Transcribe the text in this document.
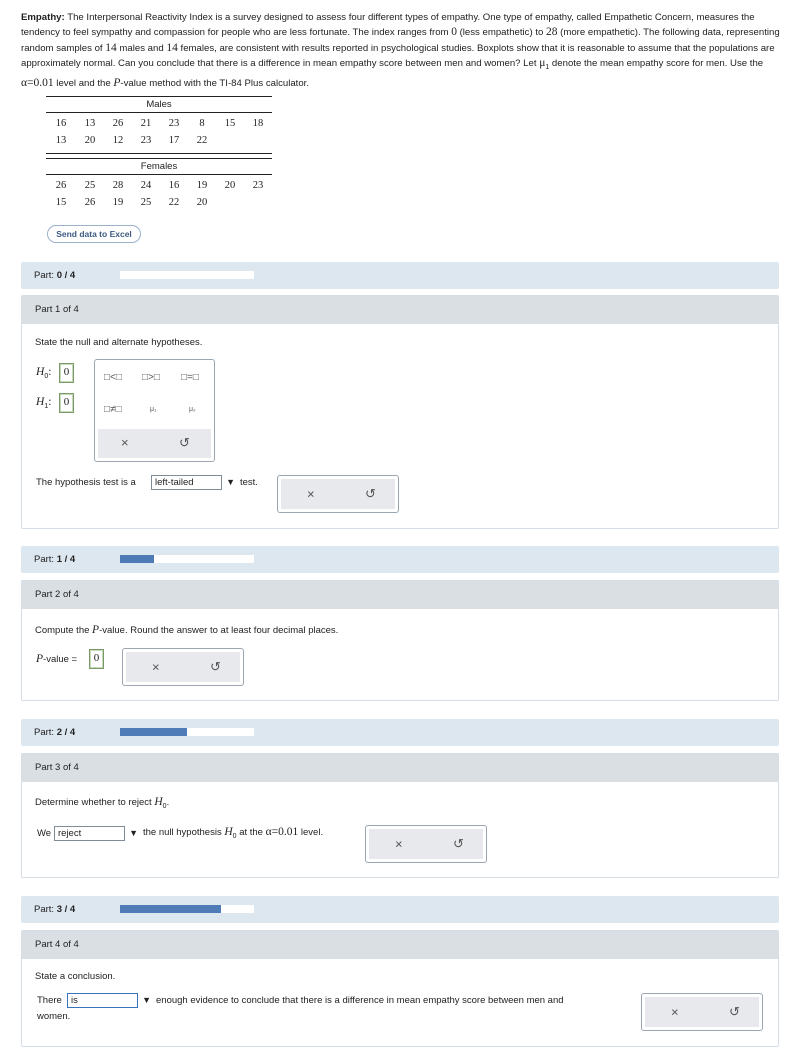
Empathy: The Interpersonal Reactivity Index is a survey designed to assess four different types of empathy. One type of empathy, called Empathetic Concern, measures the tendency to feel sympathy and compassion for people who are less fortunate. The index ranges from 0 (less empathetic) to 28 (more empathetic). The following data, representing random samples of 14 males and 14 females, are consistent with results reported in psychological studies. Boxplots show that it is reasonable to assume that the populations are approximately normal. Can you conclude that there is a difference in mean empathy score between men and women? Let $\mu_1$ denote the mean empathy score for men. Use the α=0.01 level and the P-value method with the TI-84 Plus calculator.
Males
16	13	26	21	23	8	15	18
13	20	12	23	17	22
Females
26	25	28	24	16	19	20	23
15	26	19	25	22	20
Send data to Excel
Part: 0 / 4
Part 1 of 4
State the null and alternate hypotheses.
$H_0$:	0
$H_1$:	0
□<□ □>□ □=□
□≠□	μ₁	μ₂
×	↺
The hypothesis test is a	left-tailed	▼ test.
×	↺
Part: 1 / 4
Part 2 of 4
Compute the P-value. Round the answer to at least four decimal places.
P-value =	0
×	↺
Part: 2 / 4
Part 3 of 4
Determine whether to reject $H_0$.
We reject	▼ the null hypothesis $H_0$ at the α=0.01 level.
×	↺
Part: 3 / 4
Part 4 of 4
State a conclusion.
There is	▼ enough evidence to conclude that there is a difference in mean empathy score between men and
women.	×	↺
